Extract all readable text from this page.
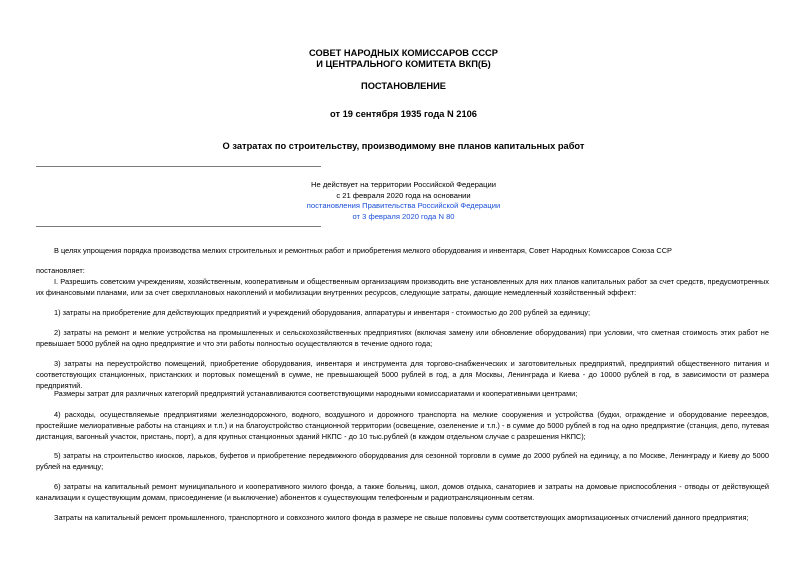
СОВЕТ НАРОДНЫХ КОМИССАРОВ СССР
И ЦЕНТРАЛЬНОГО КОМИТЕТА ВКП(Б)
ПОСТАНОВЛЕНИЕ
от 19 сентября 1935 года N 2106
О затратах по строительству, производимому вне планов капитальных работ
Не действует на территории Российской Федерации
с 21 февраля 2020 года на основании
постановления Правительства Российской Федерации
от 3 февраля 2020 года N 80
В целях упрощения порядка производства мелких строительных и ремонтных работ и приобретения мелкого оборудования и инвентаря, Совет Народных Комиссаров Союза ССР
постановляет:
I. Разрешить советским учреждениям, хозяйственным, кооперативным и общественным организациям производить вне установленных для них планов капитальных работ за счет средств, предусмотренных их финансовыми планами, или за счет сверхплановых накоплений и мобилизации внутренних ресурсов, следующие затраты, дающие немедленный хозяйственный эффект:
1) затраты на приобретение для действующих предприятий и учреждений оборудования, аппаратуры и инвентаря - стоимостью до 200 рублей за единицу;
2) затраты на ремонт и мелкие устройства на промышленных и сельскохозяйственных предприятиях (включая замену или обновление оборудования) при условии, что сметная стоимость этих работ не превышает 5000 рублей на одно предприятие и что эти работы полностью осуществляются в течение одного года;
3) затраты на переустройство помещений, приобретение оборудования, инвентаря и инструмента для торгово-снабженческих и заготовительных предприятий, предприятий общественного питания и соответствующих станционных, пристанских и портовых помещений в сумме, не превышающей 5000 рублей в год, а для Москвы, Ленинграда и Киева - до 10000 рублей в год, в зависимости от размера предприятий.
Размеры затрат для различных категорий предприятий устанавливаются соответствующими народными комиссариатами и кооперативными центрами;
4) расходы, осуществляемые предприятиями железнодорожного, водного, воздушного и дорожного транспорта на мелкие сооружения и устройства (будки, ограждение и оборудование переездов, простейшие мелиоративные работы на станциях и т.п.) и на благоустройство станционной территории (освещение, озеленение и т.п.) - в сумме до 5000 рублей в год на одно предприятие (станция, депо, путевая дистанция, вагонный участок, пристань, порт), а для крупных станционных зданий НКПС - до 10 тыс.рублей (в каждом отдельном случае с разрешения НКПС);
5) затраты на строительство киосков, ларьков, буфетов и приобретение передвижного оборудования для сезонной торговли в сумме до 2000 рублей на единицу, а по Москве, Ленинграду и Киеву до 5000 рублей на единицу;
6) затраты на капитальный ремонт муниципального и кооперативного жилого фонда, а также больниц, школ, домов отдыха, санаториев и затраты на домовые приспособления - отводы от действующей канализации к существующим домам, присоединение (и выключение) абонентов к существующим телефонным и радиотрансляционным сетям.
Затраты на капитальный ремонт промышленного, транспортного и совхозного жилого фонда в размере не свыше половины сумм соответствующих амортизационных отчислений данного предприятия;
